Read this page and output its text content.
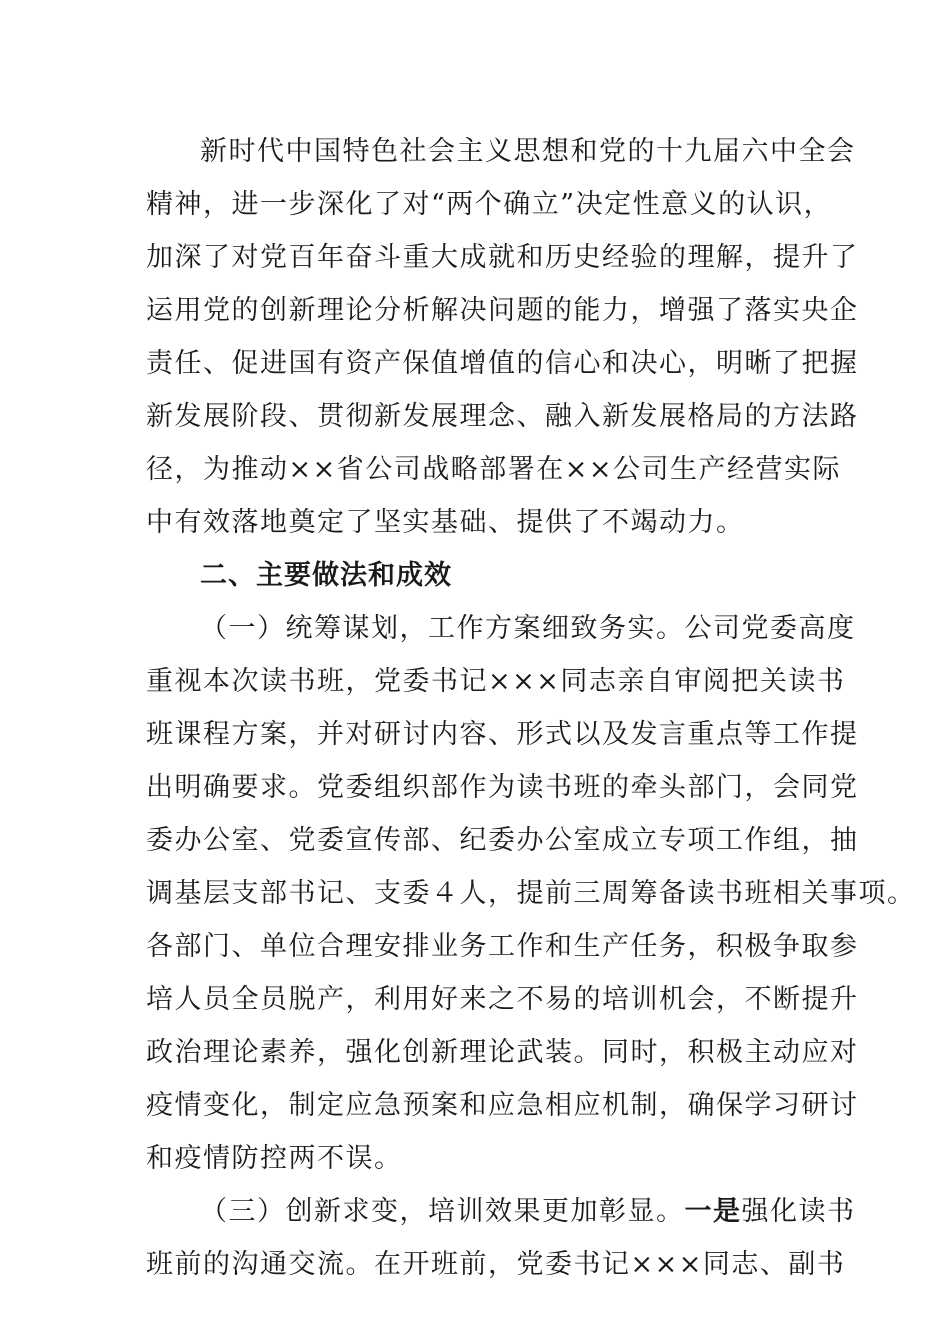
新时代中国特色社会主义思想和党的十九届六中全会

精神，进一步深化了对“两个确立”决定性意义的认识，

加深了对党百年奋斗重大成就和历史经验的理解，提升了

运用党的创新理论分析解决问题的能力，增强了落实央企

责任、促进国有资产保值增值的信心和决心，明晰了把握

新发展阶段、贯彻新发展理念、融入新发展格局的方法路

径，为推动××省公司战略部署在××公司生产经营实际

中有效落地奠定了坚实基础、提供了不竭动力。

二、主要做法和成效

（一）统筹谋划，工作方案细致务实。公司党委高度

重视本次读书班，党委书记×××同志亲自审阅把关读书

班课程方案，并对研讨内容、形式以及发言重点等工作提

出明确要求。党委组织部作为读书班的牵头部门，会同党

委办公室、党委宣传部、纪委办公室成立专项工作组，抽

调基层支部书记、支委４人，提前三周筹备读书班相关事项。

各部门、单位合理安排业务工作和生产任务，积极争取参

培人员全员脱产，利用好来之不易的培训机会，不断提升

政治理论素养，强化创新理论武装。同时，积极主动应对

疫情变化，制定应急预案和应急相应机制，确保学习研讨

和疫情防控两不误。

（三）创新求变，培训效果更加彰显。一是强化读书

班前的沟通交流。在开班前，党委书记×××同志、副书
